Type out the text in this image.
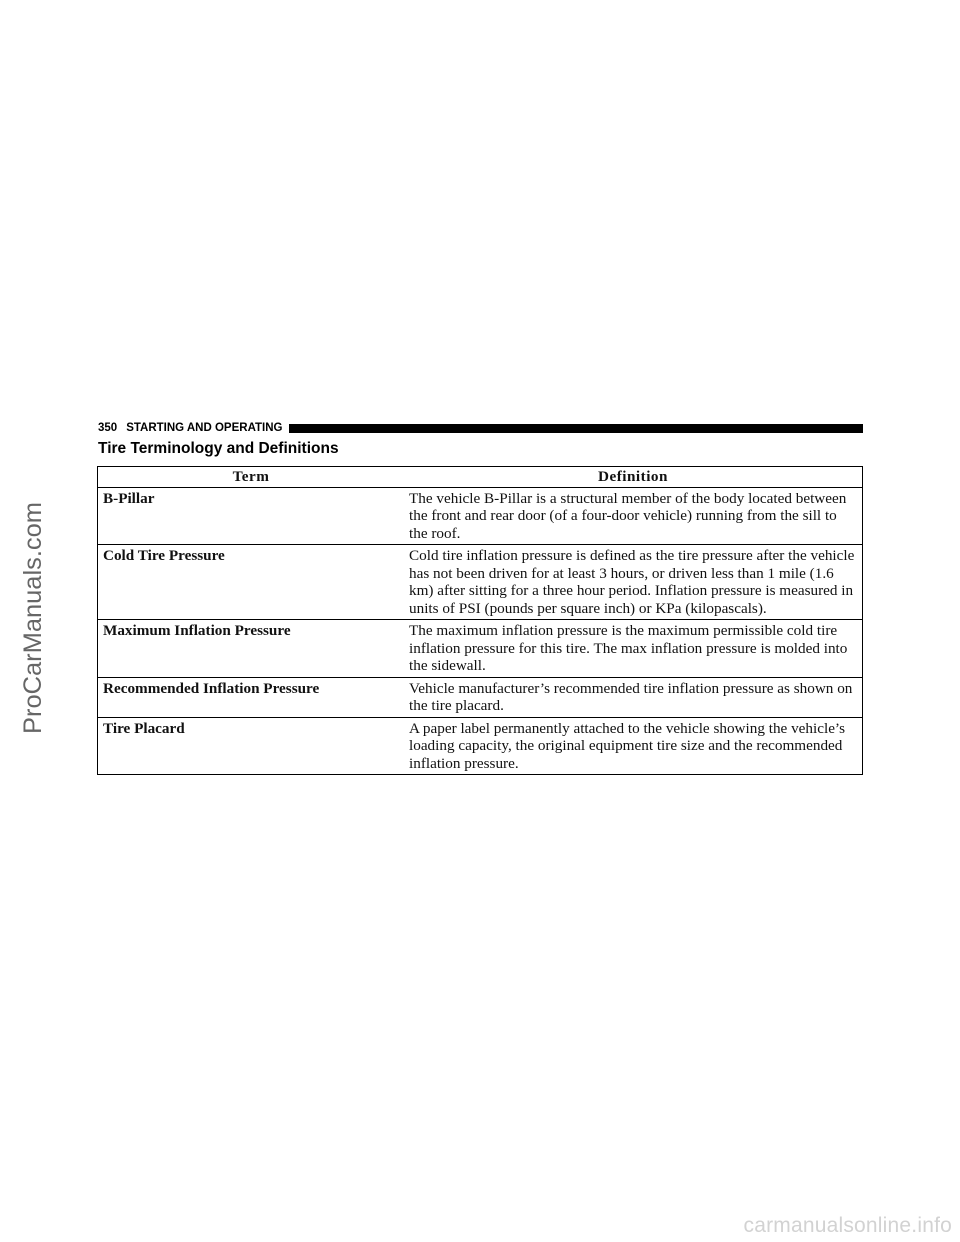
ProCarManuals.com
350 STARTING AND OPERATING
Tire Terminology and Definitions
Term	Definition
B-Pillar	The vehicle B-Pillar is a structural member of the body located between the front and rear door (of a four-door vehicle) running from the sill to the roof.
Cold Tire Pressure	Cold tire inflation pressure is defined as the tire pressure after the vehicle has not been driven for at least 3 hours, or driven less than 1 mile (1.6 km) after sitting for a three hour period. Inflation pressure is measured in units of PSI (pounds per square inch) or KPa (kilopascals).
Maximum Inflation Pressure	The maximum inflation pressure is the maximum permissible cold tire inflation pressure for this tire. The max inflation pressure is molded into the sidewall.
Recommended Inflation Pressure	Vehicle manufacturer’s recommended tire inflation pressure as shown on the tire placard.
Tire Placard	A paper label permanently attached to the vehicle showing the vehicle’s loading capacity, the original equipment tire size and the recommended inflation pressure.
carmanualsonline.info
